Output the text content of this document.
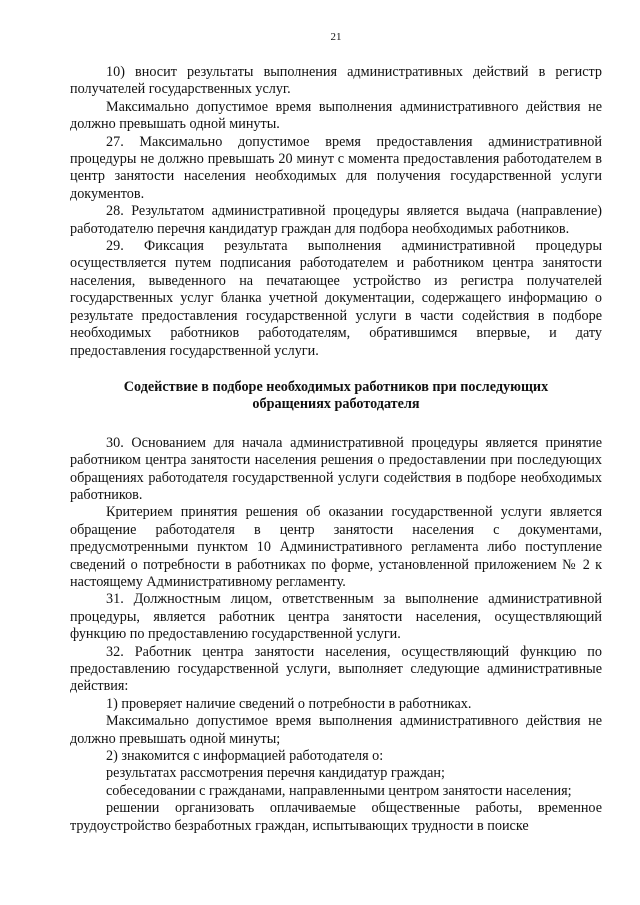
21

10) вносит результаты выполнения административных действий в регистр получателей государственных услуг.

Максимально допустимое время выполнения административного действия не должно превышать одной минуты.

27. Максимально допустимое время предоставления административной процедуры не должно превышать 20 минут с момента предоставления работодателем в центр занятости населения необходимых для получения государственной услуги документов.

28. Результатом административной процедуры является выдача (направление) работодателю перечня кандидатур граждан для подбора необходимых работников.

29. Фиксация результата выполнения административной процедуры осуществляется путем подписания работодателем и работником центра занятости населения, выведенного на печатающее устройство из регистра получателей государственных услуг бланка учетной документации, содержащего информацию о результате предоставления государственной услуги в части содействия в подборе необходимых работников работодателям, обратившимся впервые, и дату предоставления государственной услуги.

Содействие в подборе необходимых работников при последующих обращениях работодателя

30. Основанием для начала административной процедуры является принятие работником центра занятости населения решения о предоставлении при последующих обращениях работодателя государственной услуги содействия в подборе необходимых работников.

Критерием принятия решения об оказании государственной услуги является обращение работодателя в центр занятости населения с документами, предусмотренными пунктом 10 Административного регламента либо поступление сведений о потребности в работниках по форме, установленной приложением № 2 к настоящему Административному регламенту.

31. Должностным лицом, ответственным за выполнение административной процедуры, является работник центра занятости населения, осуществляющий функцию по предоставлению государственной услуги.

32. Работник центра занятости населения, осуществляющий функцию по предоставлению государственной услуги, выполняет следующие административные действия:

1) проверяет наличие сведений о потребности в работниках.

Максимально допустимое время выполнения административного действия не должно превышать одной минуты;

2) знакомится с информацией работодателя о:

результатах рассмотрения перечня кандидатур граждан;

собеседовании с гражданами, направленными центром занятости населения;

решении организовать оплачиваемые общественные работы, временное трудоустройство безработных граждан, испытывающих трудности в поиске
